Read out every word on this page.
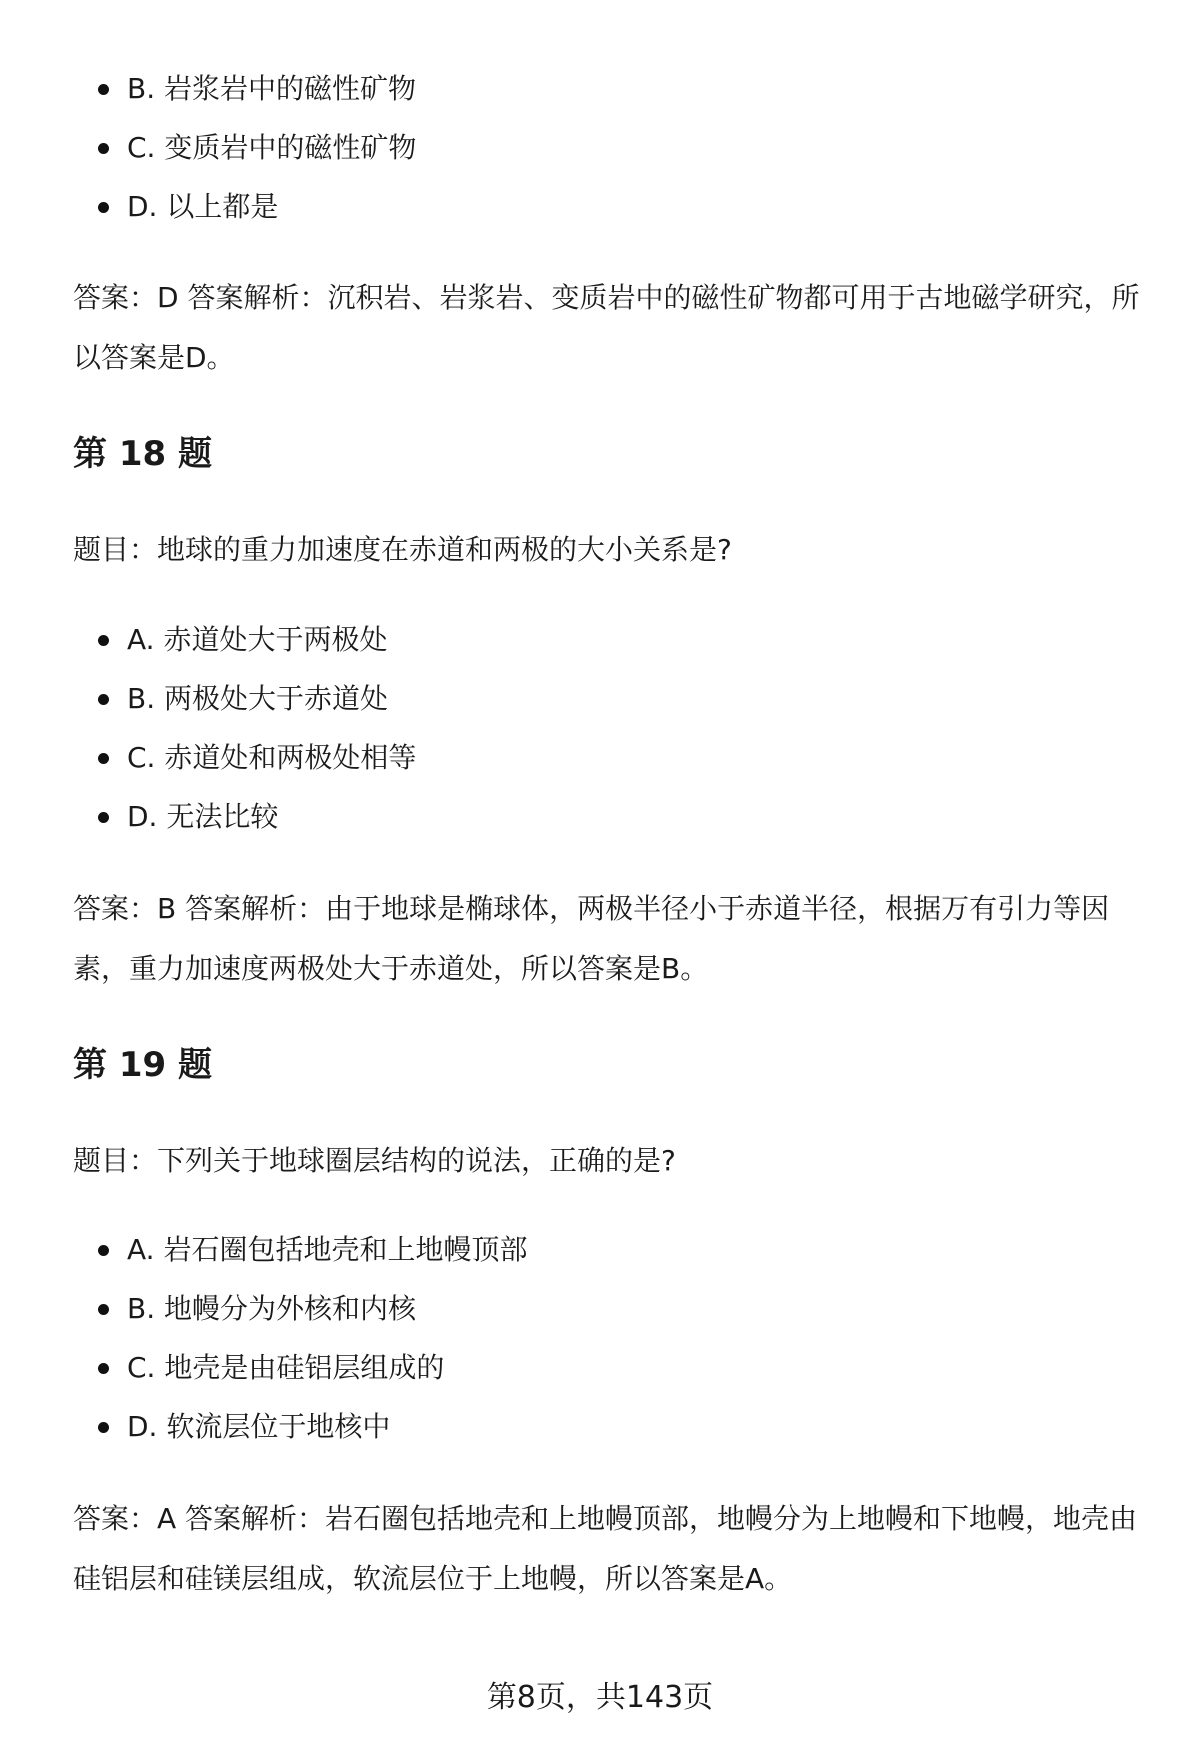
B. 岩浆岩中的磁性矿物
C. 变质岩中的磁性矿物
D. 以上都是
答案：D 答案解析：沉积岩、岩浆岩、变质岩中的磁性矿物都可用于古地磁学研究，所以答案是D。
第 18 题
题目：地球的重力加速度在赤道和两极的大小关系是?
A. 赤道处大于两极处
B. 两极处大于赤道处
C. 赤道处和两极处相等
D. 无法比较
答案：B 答案解析：由于地球是椭球体，两极半径小于赤道半径，根据万有引力等因素，重力加速度两极处大于赤道处，所以答案是B。
第 19 题
题目：下列关于地球圈层结构的说法，正确的是?
A. 岩石圈包括地壳和上地幔顶部
B. 地幔分为外核和内核
C. 地壳是由硅铝层组成的
D. 软流层位于地核中
答案：A 答案解析：岩石圈包括地壳和上地幔顶部，地幔分为上地幔和下地幔，地壳由硅铝层和硅镁层组成，软流层位于上地幔，所以答案是A。
第8页，共143页
